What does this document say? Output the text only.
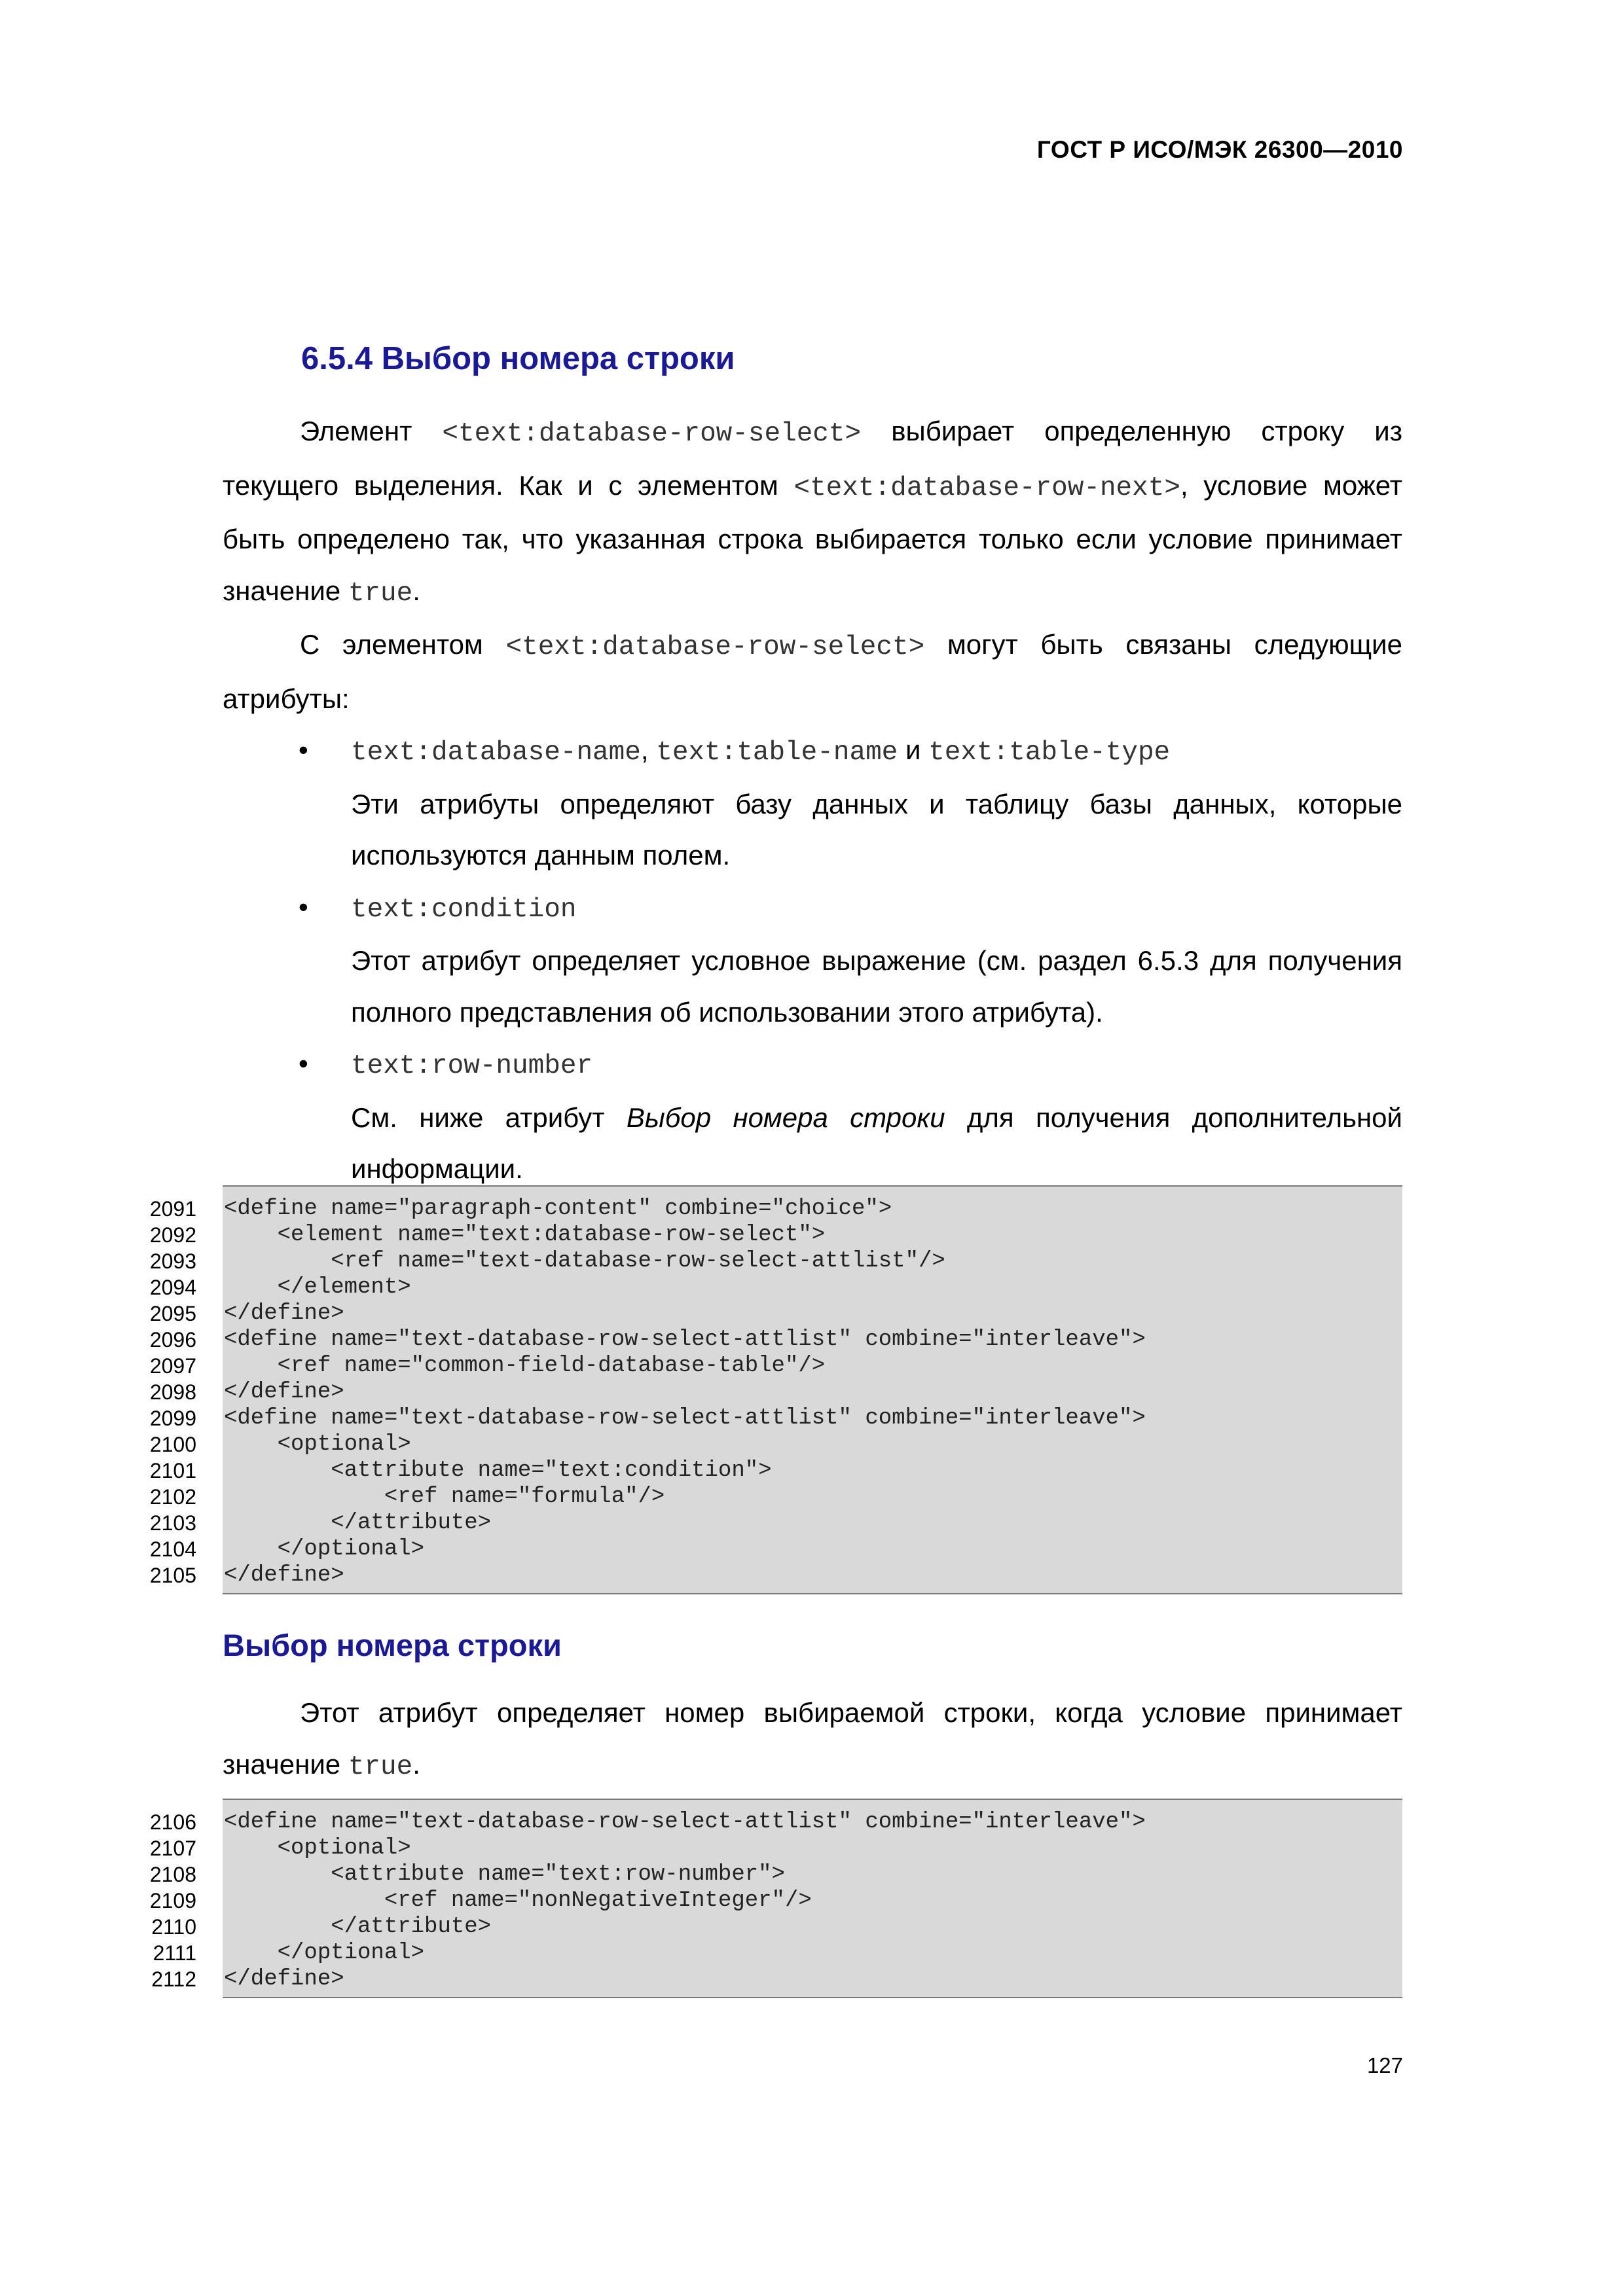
ГОСТ Р ИСО/МЭК 26300—2010
6.5.4 Выбор номера строки

Элемент <text:database-row-select> выбирает определенную строку из текущего выделения. Как и с элементом <text:database-row-next>, условие может быть определено так, что указанная строка выбирается только если условие принимает значение true.

С элементом <text:database-row-select> могут быть связаны следующие атрибуты:

• text:database-name, text:table-name и text:table-type

Эти атрибуты определяют базу данных и таблицу базы данных, которые используются данным полем.

• text:condition

Этот атрибут определяет условное выражение (см. раздел 6.5.3 для получения полного представления об использовании этого атрибута).

• text:row-number

См. ниже атрибут Выбор номера строки для получения дополнительной информации.

2091 <define name="paragraph-content" combine="choice">
2092 <element name="text:database-row-select">
2093 <ref name="text-database-row-select-attlist"/>
2094 </element>
2095 </define>
2096 <define name="text-database-row-select-attlist" combine="interleave">
2097 <ref name="common-field-database-table"/>
2098 </define>
2099 <define name="text-database-row-select-attlist" combine="interleave">
2100 <optional>
2101 <attribute name="text:condition">
2102 <ref name="formula"/>
2103 </attribute>
2104 </optional>
2105 </define>
Выбор номера строки

Этот атрибут определяет номер выбираемой строки, когда условие принимает значение true.

2106 <define name="text-database-row-select-attlist" combine="interleave">
2107 <optional>
2108 <attribute name="text:row-number">
2109 <ref name="nonNegativeInteger"/>
2110 </attribute>
2111 </optional>
2112 </define>
127
